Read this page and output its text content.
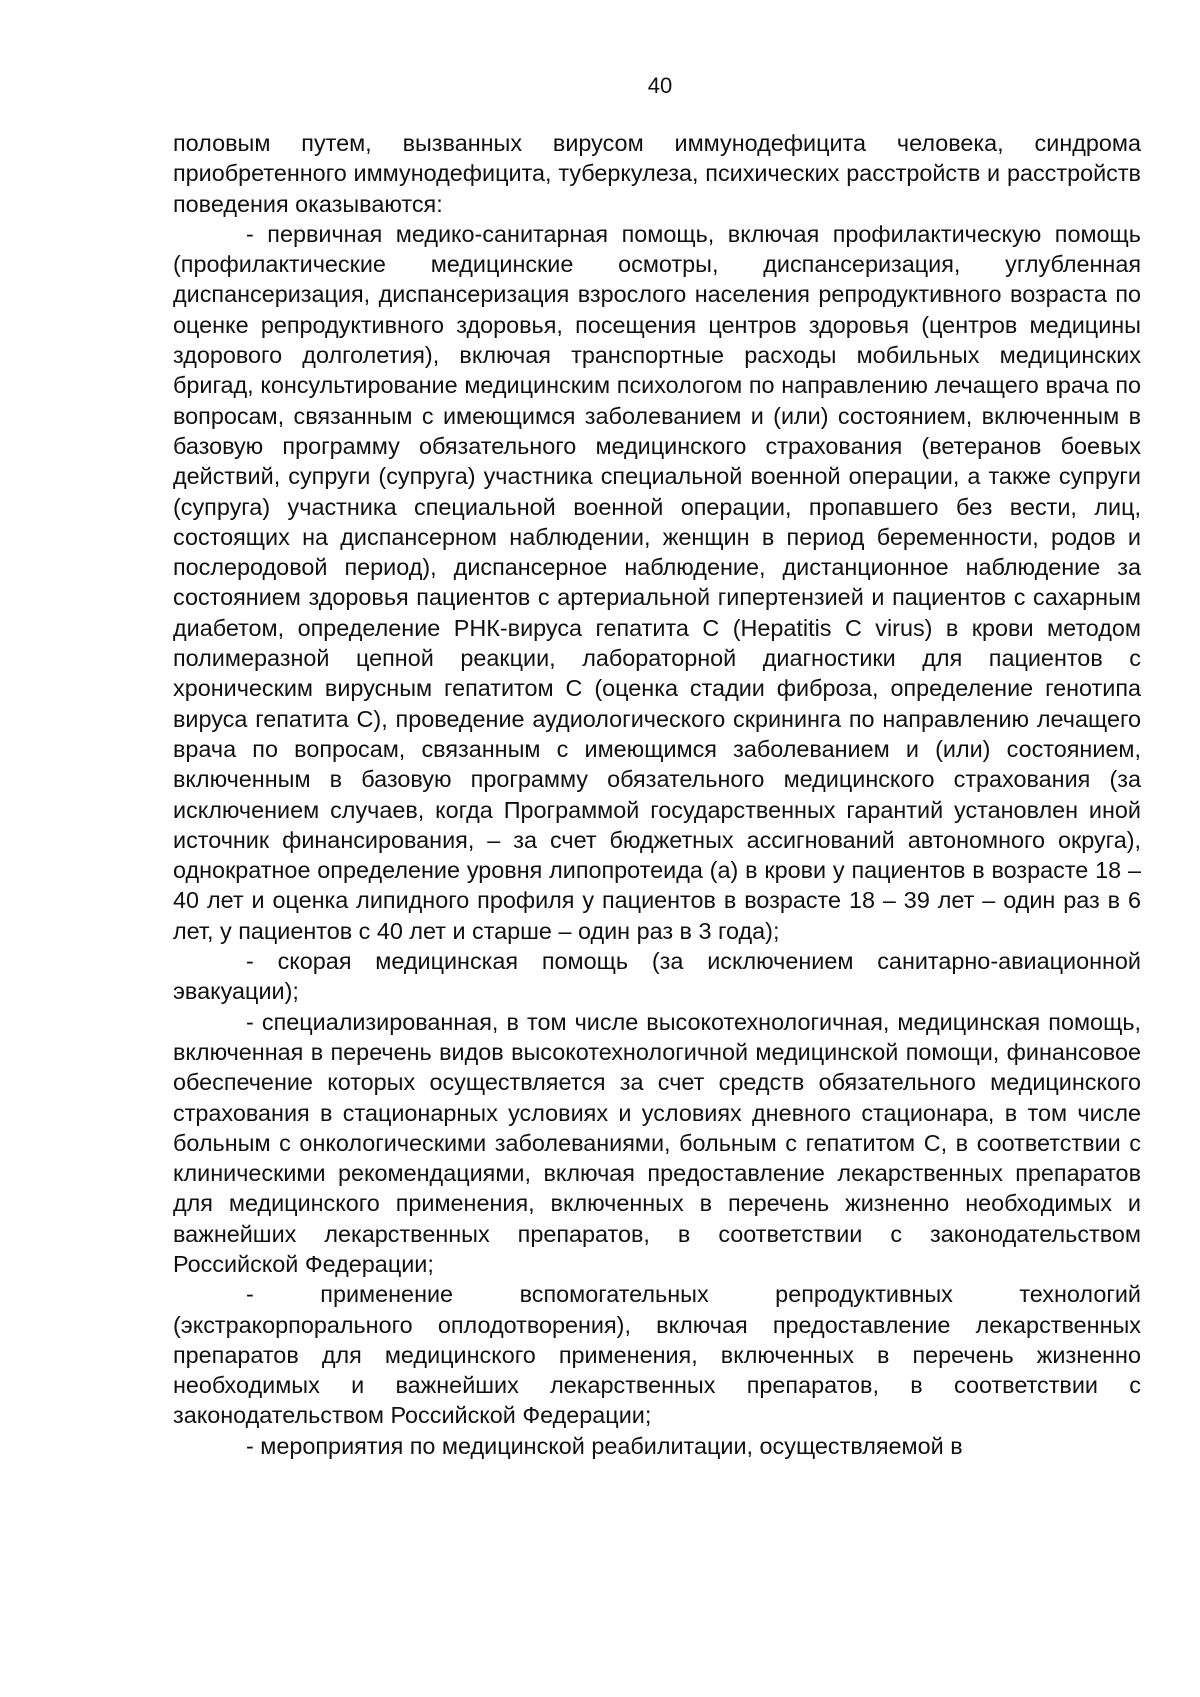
40

половым путем, вызванных вирусом иммунодефицита человека, синдрома приобретенного иммунодефицита, туберкулеза, психических расстройств и расстройств поведения оказываются:

- первичная медико-санитарная помощь, включая профилактическую помощь (профилактические медицинские осмотры, диспансеризация, углубленная диспансеризация, диспансеризация взрослого населения репродуктивного возраста по оценке репродуктивного здоровья, посещения центров здоровья (центров медицины здорового долголетия), включая транспортные расходы мобильных медицинских бригад, консультирование медицинским психологом по направлению лечащего врача по вопросам, связанным с имеющимся заболеванием и (или) состоянием, включенным в базовую программу обязательного медицинского страхования (ветеранов боевых действий, супруги (супруга) участника специальной военной операции, а также супруги (супруга) участника специальной военной операции, пропавшего без вести, лиц, состоящих на диспансерном наблюдении, женщин в период беременности, родов и послеродовой период), диспансерное наблюдение, дистанционное наблюдение за состоянием здоровья пациентов с артериальной гипертензией и пациентов с сахарным диабетом, определение РНК-вируса гепатита С (Hepatitis C virus) в крови методом полимеразной цепной реакции, лабораторной диагностики для пациентов с хроническим вирусным гепатитом С (оценка стадии фиброза, определение генотипа вируса гепатита С), проведение аудиологического скрининга по направлению лечащего врача по вопросам, связанным с имеющимся заболеванием и (или) состоянием, включенным в базовую программу обязательного медицинского страхования (за исключением случаев, когда Программой государственных гарантий установлен иной источник финансирования, – за счет бюджетных ассигнований автономного округа), однократное определение уровня липопротеида (а) в крови у пациентов в возрасте 18 – 40 лет и оценка липидного профиля у пациентов в возрасте 18 – 39 лет – один раз в 6 лет, у пациентов с 40 лет и старше – один раз в 3 года);

- скорая медицинская помощь (за исключением санитарно-авиационной эвакуации);

- специализированная, в том числе высокотехнологичная, медицинская помощь, включенная в перечень видов высокотехнологичной медицинской помощи, финансовое обеспечение которых осуществляется за счет средств обязательного медицинского страхования в стационарных условиях и условиях дневного стационара, в том числе больным с онкологическими заболеваниями, больным с гепатитом С, в соответствии с клиническими рекомендациями, включая предоставление лекарственных препаратов для медицинского применения, включенных в перечень жизненно необходимых и важнейших лекарственных препаратов, в соответствии с законодательством Российской Федерации;

- применение вспомогательных репродуктивных технологий (экстракорпорального оплодотворения), включая предоставление лекарственных препаратов для медицинского применения, включенных в перечень жизненно необходимых и важнейших лекарственных препаратов, в соответствии с законодательством Российской Федерации;

- мероприятия по медицинской реабилитации, осуществляемой в
